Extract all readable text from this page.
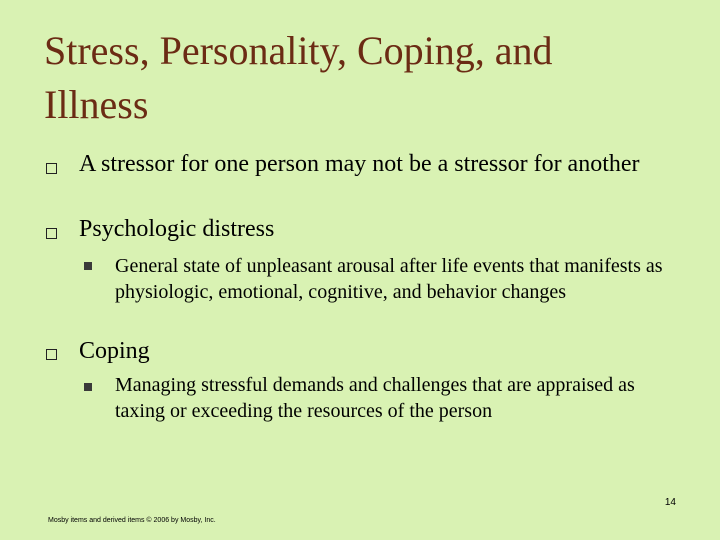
Stress, Personality, Coping, and Illness
A stressor for one person may not be a stressor for another
Psychologic distress
General state of unpleasant arousal after life events that manifests as physiologic, emotional, cognitive, and behavior changes
Coping
Managing stressful demands and challenges that are appraised as taxing or exceeding the resources of the person
14
Mosby items and derived items © 2006 by Mosby, Inc.
